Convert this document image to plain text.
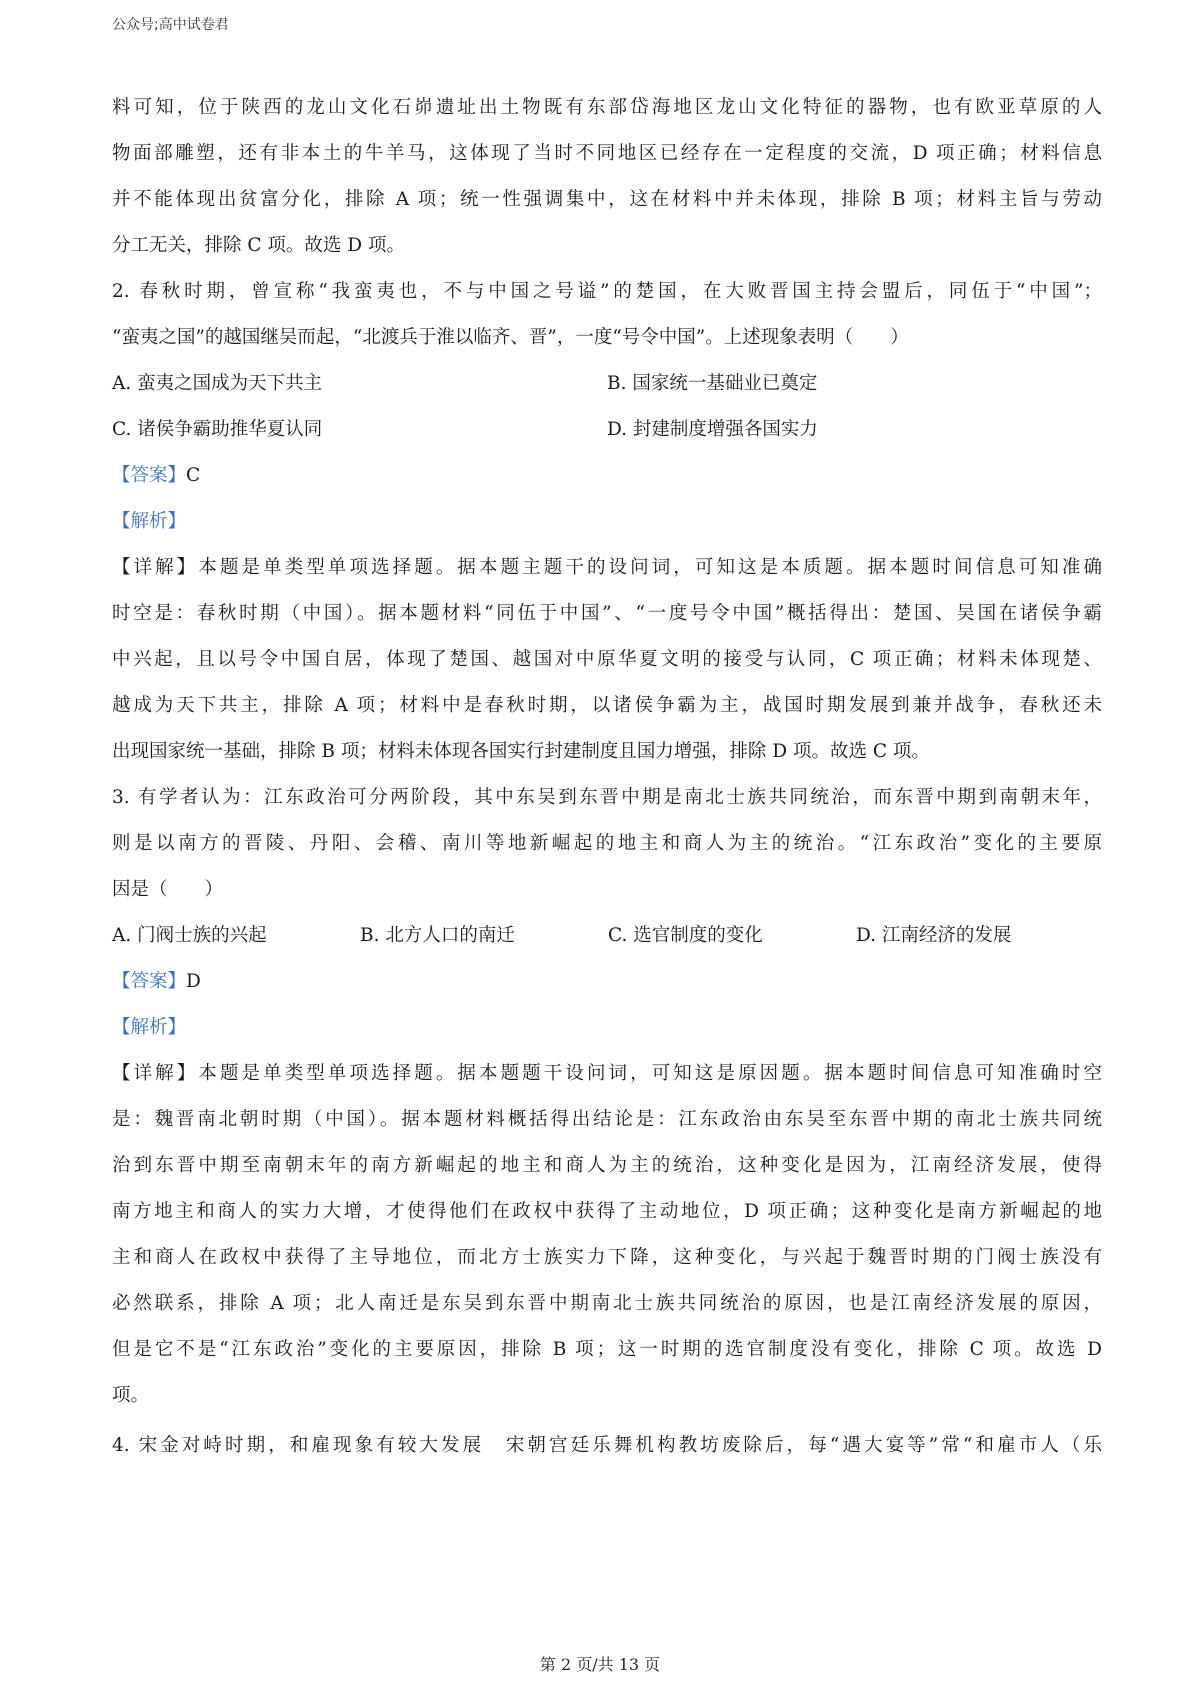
公众号;高中试卷君

料可知，位于陕西的龙山文化石峁遗址出土物既有东部岱海地区龙山文化特征的器物，也有欧亚草原的人

物面部雕塑，还有非本土的牛羊马，这体现了当时不同地区已经存在一定程度的交流，D 项正确；材料信息

并不能体现出贫富分化，排除 A 项；统一性强调集中，这在材料中并未体现，排除 B 项；材料主旨与劳动

分工无关，排除 C 项。故选 D 项。

2. 春秋时期，曾宣称“我蛮夷也，不与中国之号谥”的楚国，在大败晋国主持会盟后，同伍于“中国”；

“蛮夷之国”的越国继吴而起，“北渡兵于淮以临齐、晋”，一度“号令中国”。上述现象表明（　　）

A. 蛮夷之国成为天下共主	B. 国家统一基础业已奠定
C. 诸侯争霸助推华夏认同	D. 封建制度增强各国实力

【答案】C

【解析】

【详解】本题是单类型单项选择题。据本题主题干的设问词，可知这是本质题。据本题时间信息可知准确

时空是：春秋时期（中国）。据本题材料“同伍于中国”、“一度号令中国”概括得出：楚国、吴国在诸侯争霸

中兴起，且以号令中国自居，体现了楚国、越国对中原华夏文明的接受与认同，C 项正确；材料未体现楚、

越成为天下共主，排除 A 项；材料中是春秋时期，以诸侯争霸为主，战国时期发展到兼并战争，春秋还未

出现国家统一基础，排除 B 项；材料未体现各国实行封建制度且国力增强，排除 D 项。故选 C 项。

3. 有学者认为：江东政治可分两阶段，其中东吴到东晋中期是南北士族共同统治，而东晋中期到南朝末年，

则是以南方的晋陵、丹阳、会稽、南川等地新崛起的地主和商人为主的统治。“江东政治”变化的主要原

因是（　　）

A. 门阀士族的兴起	B. 北方人口的南迁	C. 选官制度的变化	D. 江南经济的发展

【答案】D

【解析】

【详解】本题是单类型单项选择题。据本题题干设问词，可知这是原因题。据本题时间信息可知准确时空

是：魏晋南北朝时期（中国）。据本题材料概括得出结论是：江东政治由东吴至东晋中期的南北士族共同统

治到东晋中期至南朝末年的南方新崛起的地主和商人为主的统治，这种变化是因为，江南经济发展，使得

南方地主和商人的实力大增，才使得他们在政权中获得了主动地位，D 项正确；这种变化是南方新崛起的地

主和商人在政权中获得了主导地位，而北方士族实力下降，这种变化，与兴起于魏晋时期的门阀士族没有

必然联系，排除 A 项；北人南迁是东吴到东晋中期南北士族共同统治的原因，也是江南经济发展的原因，

但是它不是“江东政治”变化的主要原因，排除 B 项；这一时期的选官制度没有变化，排除 C 项。故选 D

项。

4. 宋金对峙时期，和雇现象有较大发展　宋朝宫廷乐舞机构教坊废除后，每“遇大宴等”常“和雇市人（乐

第 2 页/共 13 页
